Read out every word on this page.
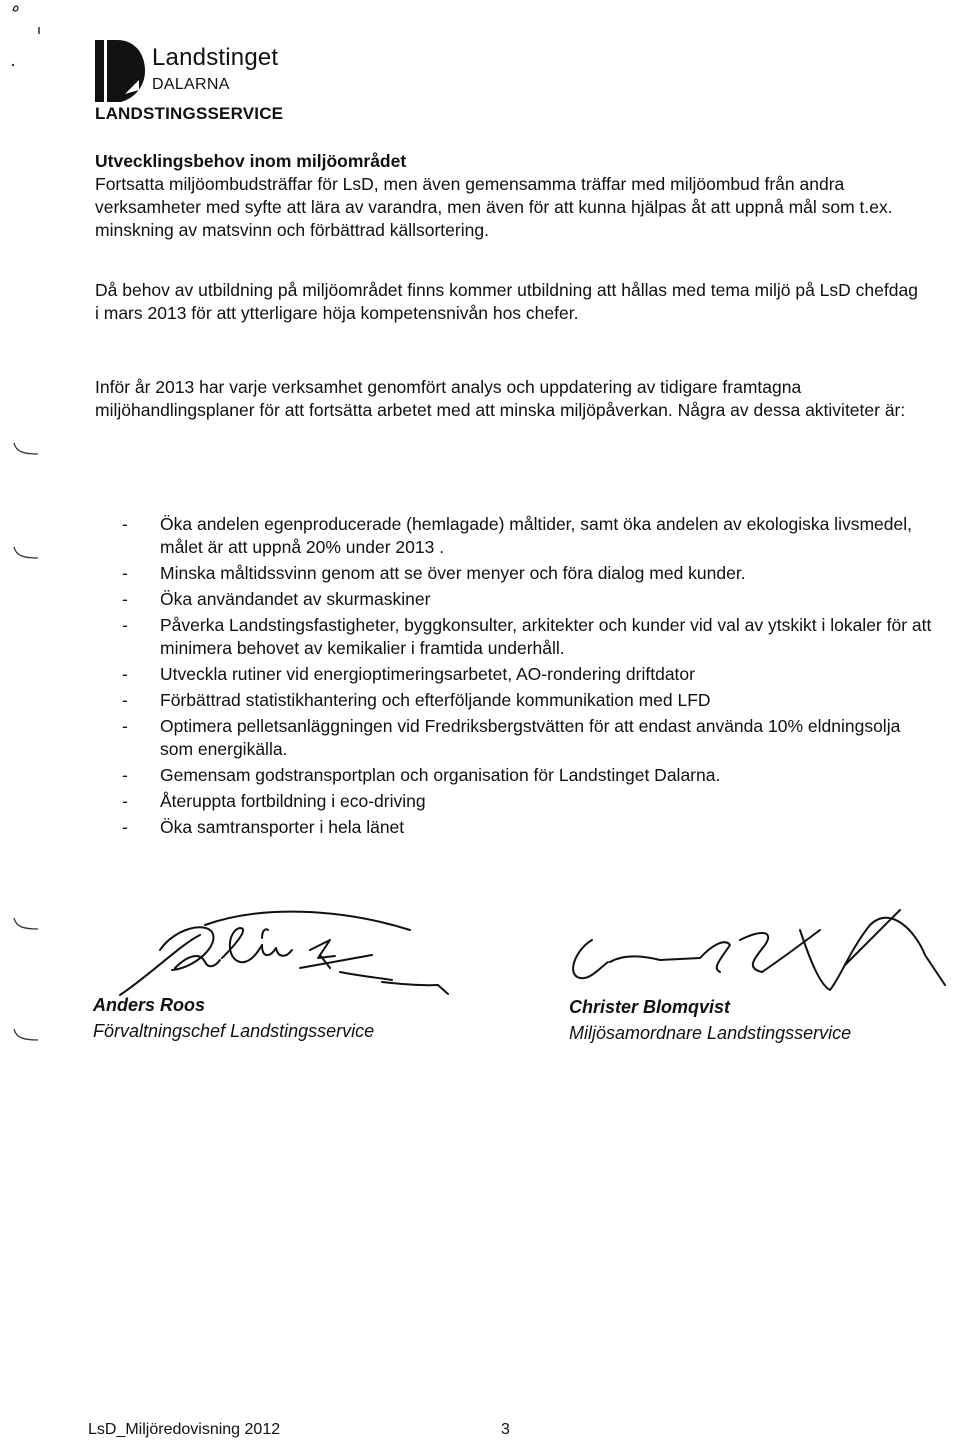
Landstinget
DALARNA
LANDSTINGSSERVICE

Utvecklingsbehov inom miljöområdet

Fortsatta miljöombudsträffar för LsD, men även gemensamma träffar med miljöombud från andra verksamheter med syfte att lära av varandra, men även för att kunna hjälpas åt att uppnå mål som t.ex. minskning av matsvinn och förbättrad källsortering.

Då behov av utbildning på miljöområdet finns kommer utbildning att hållas med tema miljö på LsD chefdag i mars 2013 för att ytterligare höja kompetensnivån hos chefer.

Inför år 2013 har varje verksamhet genomfört analys och uppdatering av tidigare framtagna miljöhandlingsplaner för att fortsätta arbetet med att minska miljöpåverkan. Några av dessa aktiviteter är:

- Öka andelen egenproducerade (hemlagade) måltider, samt öka andelen av ekologiska livsmedel, målet är att uppnå 20% under 2013 .
- Minska måltidssvinn genom att se över menyer och föra dialog med kunder.
- Öka användandet av skurmaskiner
- Påverka Landstingsfastigheter, byggkonsulter, arkitekter och kunder vid val av ytskikt i lokaler för att minimera behovet av kemikalier i framtida underhåll.
- Utveckla rutiner vid energioptimeringsarbetet, AO-rondering driftdator
- Förbättrad statistikhantering och efterföljande kommunikation med LFD
- Optimera pelletsanläggningen vid Fredriksbergstvätten för att endast använda 10% eldningsolja som energikälla.
- Gemensam godstransportplan och organisation för Landstinget Dalarna.
- Återuppta fortbildning i eco-driving
- Öka samtransporter i hela länet
Anders Roos
Förvaltningschef Landstingsservice
Christer Blomqvist
Miljösamordnare Landstingsservice
LsD_Miljöredovisning 2012	3
